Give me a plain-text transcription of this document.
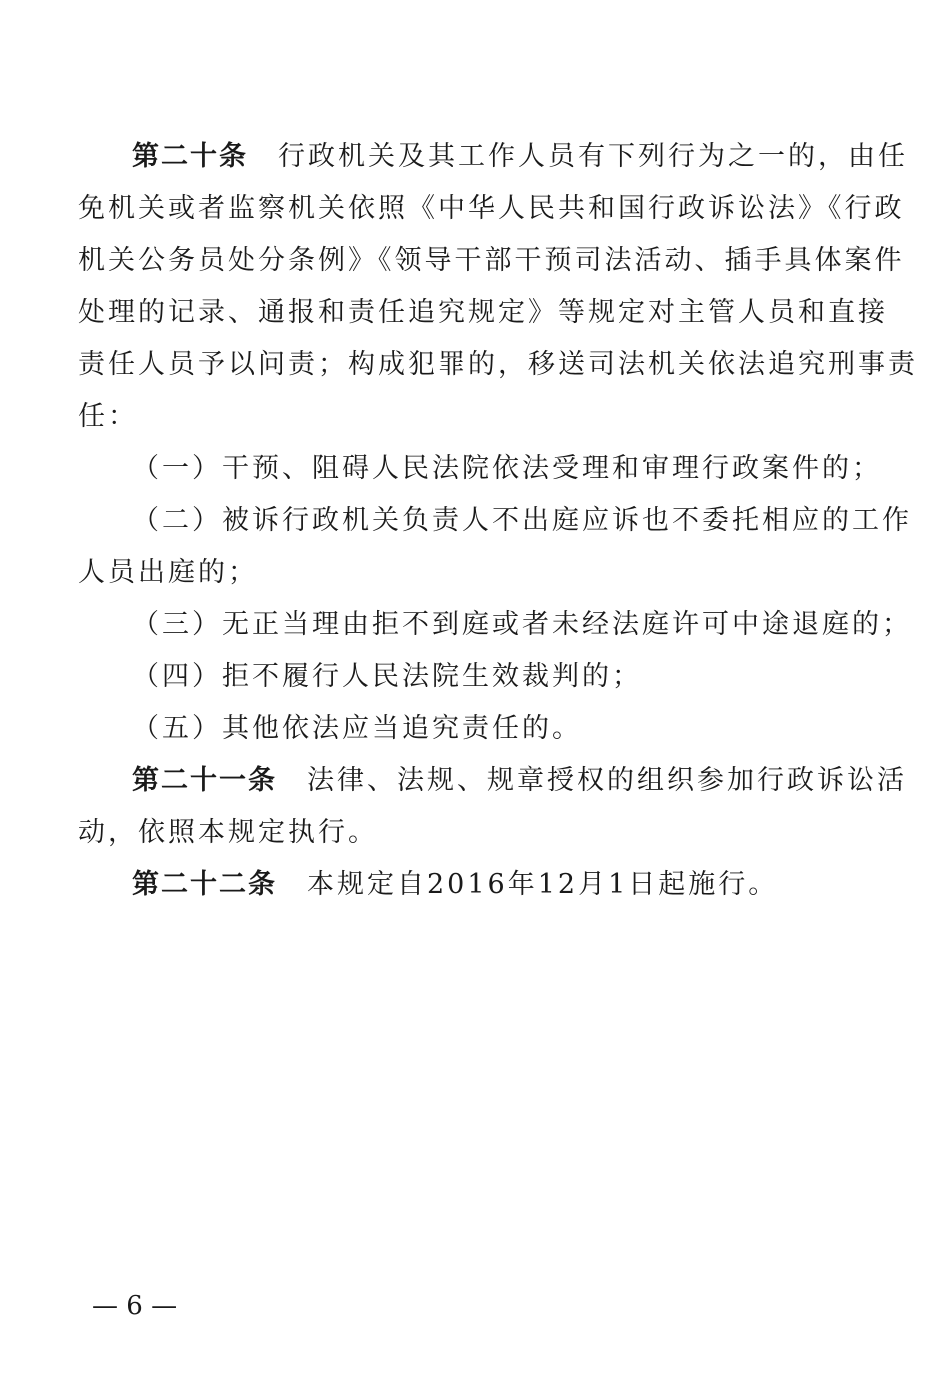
第二十条 行政机关及其工作人员有下列行为之一的，由任
免机关或者监察机关依照《中华人民共和国行政诉讼法》《行政
机关公务员处分条例》《领导干部干预司法活动、插手具体案件
处理的记录、通报和责任追究规定》等规定对主管人员和直接
责任人员予以问责；构成犯罪的，移送司法机关依法追究刑事责
任：
（一）干预、阻碍人民法院依法受理和审理行政案件的；
（二）被诉行政机关负责人不出庭应诉也不委托相应的工作
人员出庭的；
（三）无正当理由拒不到庭或者未经法庭许可中途退庭的；
（四）拒不履行人民法院生效裁判的；
（五）其他依法应当追究责任的。
第二十一条 法律、法规、规章授权的组织参加行政诉讼活
动，依照本规定执行。
第二十二条 本规定自2016年12月1日起施行。
— 6 —
